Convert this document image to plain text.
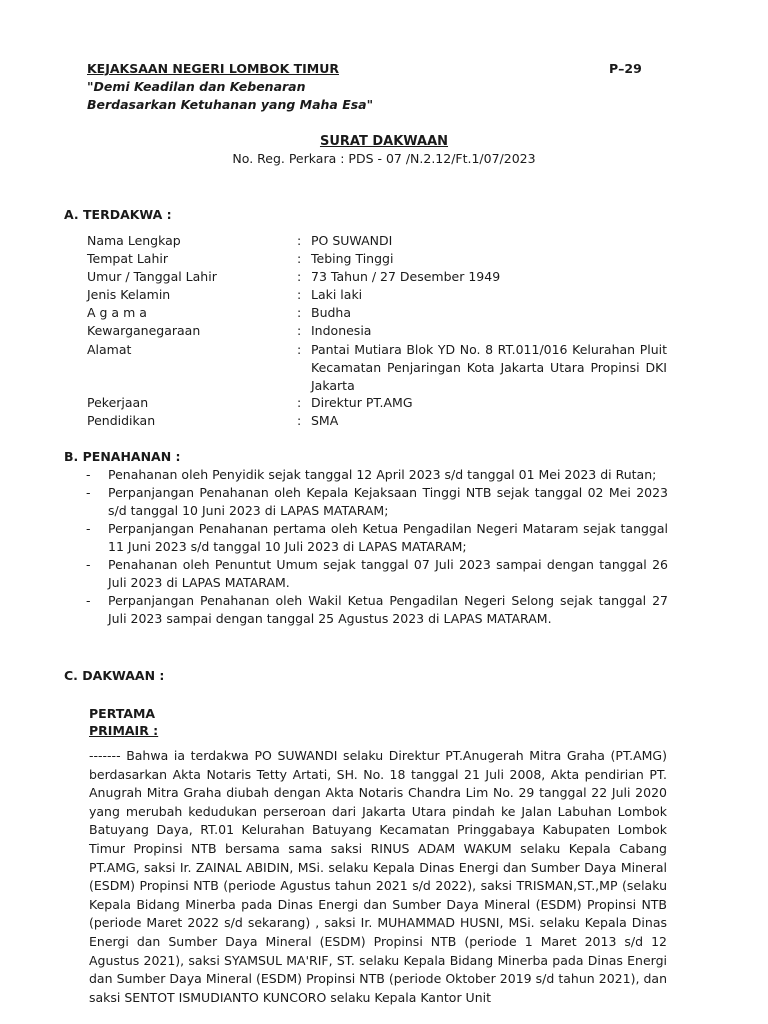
KEJAKSAAN NEGERI LOMBOK TIMUR	P–29
"Demi Keadilan dan Kebenaran
Berdasarkan Ketuhanan yang Maha Esa"
SURAT DAKWAAN
No. Reg. Perkara : PDS - 07 /N.2.12/Ft.1/07/2023
A. TERDAKWA :
Nama Lengkap	: PO SUWANDI
Tempat Lahir	: Tebing Tinggi
Umur / Tanggal Lahir	: 73 Tahun / 27 Desember 1949
Jenis Kelamin	: Laki laki
A g a m a	: Budha
Kewarganegaraan	: Indonesia
Alamat	: Pantai Mutiara Blok YD No. 8 RT.011/016 Kelurahan Pluit Kecamatan Penjaringan Kota Jakarta Utara Propinsi DKI Jakarta
Pekerjaan	: Direktur PT.AMG
Pendidikan	: SMA
B. PENAHANAN :
- Penahanan oleh Penyidik sejak tanggal 12 April 2023 s/d tanggal 01 Mei 2023 di Rutan;
- Perpanjangan Penahanan oleh Kepala Kejaksaan Tinggi NTB sejak tanggal 02 Mei 2023 s/d tanggal 10 Juni 2023 di LAPAS MATARAM;
- Perpanjangan Penahanan pertama oleh Ketua Pengadilan Negeri Mataram sejak tanggal 11 Juni 2023 s/d tanggal 10 Juli 2023 di LAPAS MATARAM;
- Penahanan oleh Penuntut Umum sejak tanggal 07 Juli 2023 sampai dengan tanggal 26 Juli 2023 di LAPAS MATARAM.
- Perpanjangan Penahanan oleh Wakil Ketua Pengadilan Negeri Selong sejak tanggal 27 Juli 2023 sampai dengan tanggal 25 Agustus 2023 di LAPAS MATARAM.
C. DAKWAAN :
PERTAMA
PRIMAIR :
------- Bahwa ia terdakwa PO SUWANDI selaku Direktur PT.Anugerah Mitra Graha (PT.AMG) berdasarkan Akta Notaris Tetty Artati, SH. No. 18 tanggal 21 Juli 2008, Akta pendirian PT. Anugrah Mitra Graha diubah dengan Akta Notaris Chandra Lim No. 29 tanggal 22 Juli 2020 yang merubah kedudukan perseroan dari Jakarta Utara pindah ke Jalan Labuhan Lombok Batuyang Daya, RT.01 Kelurahan Batuyang Kecamatan Pringgabaya Kabupaten Lombok Timur Propinsi NTB bersama sama saksi RINUS ADAM WAKUM selaku Kepala Cabang PT.AMG, saksi Ir. ZAINAL ABIDIN, MSi. selaku Kepala Dinas Energi dan Sumber Daya Mineral (ESDM) Propinsi NTB (periode Agustus tahun 2021 s/d 2022), saksi TRISMAN,ST.,MP (selaku Kepala Bidang Minerba pada Dinas Energi dan Sumber Daya Mineral (ESDM) Propinsi NTB (periode Maret 2022 s/d sekarang) , saksi Ir. MUHAMMAD HUSNI, MSi. selaku Kepala Dinas Energi dan Sumber Daya Mineral (ESDM) Propinsi NTB (periode 1 Maret 2013 s/d 12 Agustus 2021), saksi SYAMSUL MA'RIF, ST. selaku Kepala Bidang Minerba pada Dinas Energi dan Sumber Daya Mineral (ESDM) Propinsi NTB (periode Oktober 2019 s/d tahun 2021), dan saksi SENTOT ISMUDIANTO KUNCORO selaku Kepala Kantor Unit
